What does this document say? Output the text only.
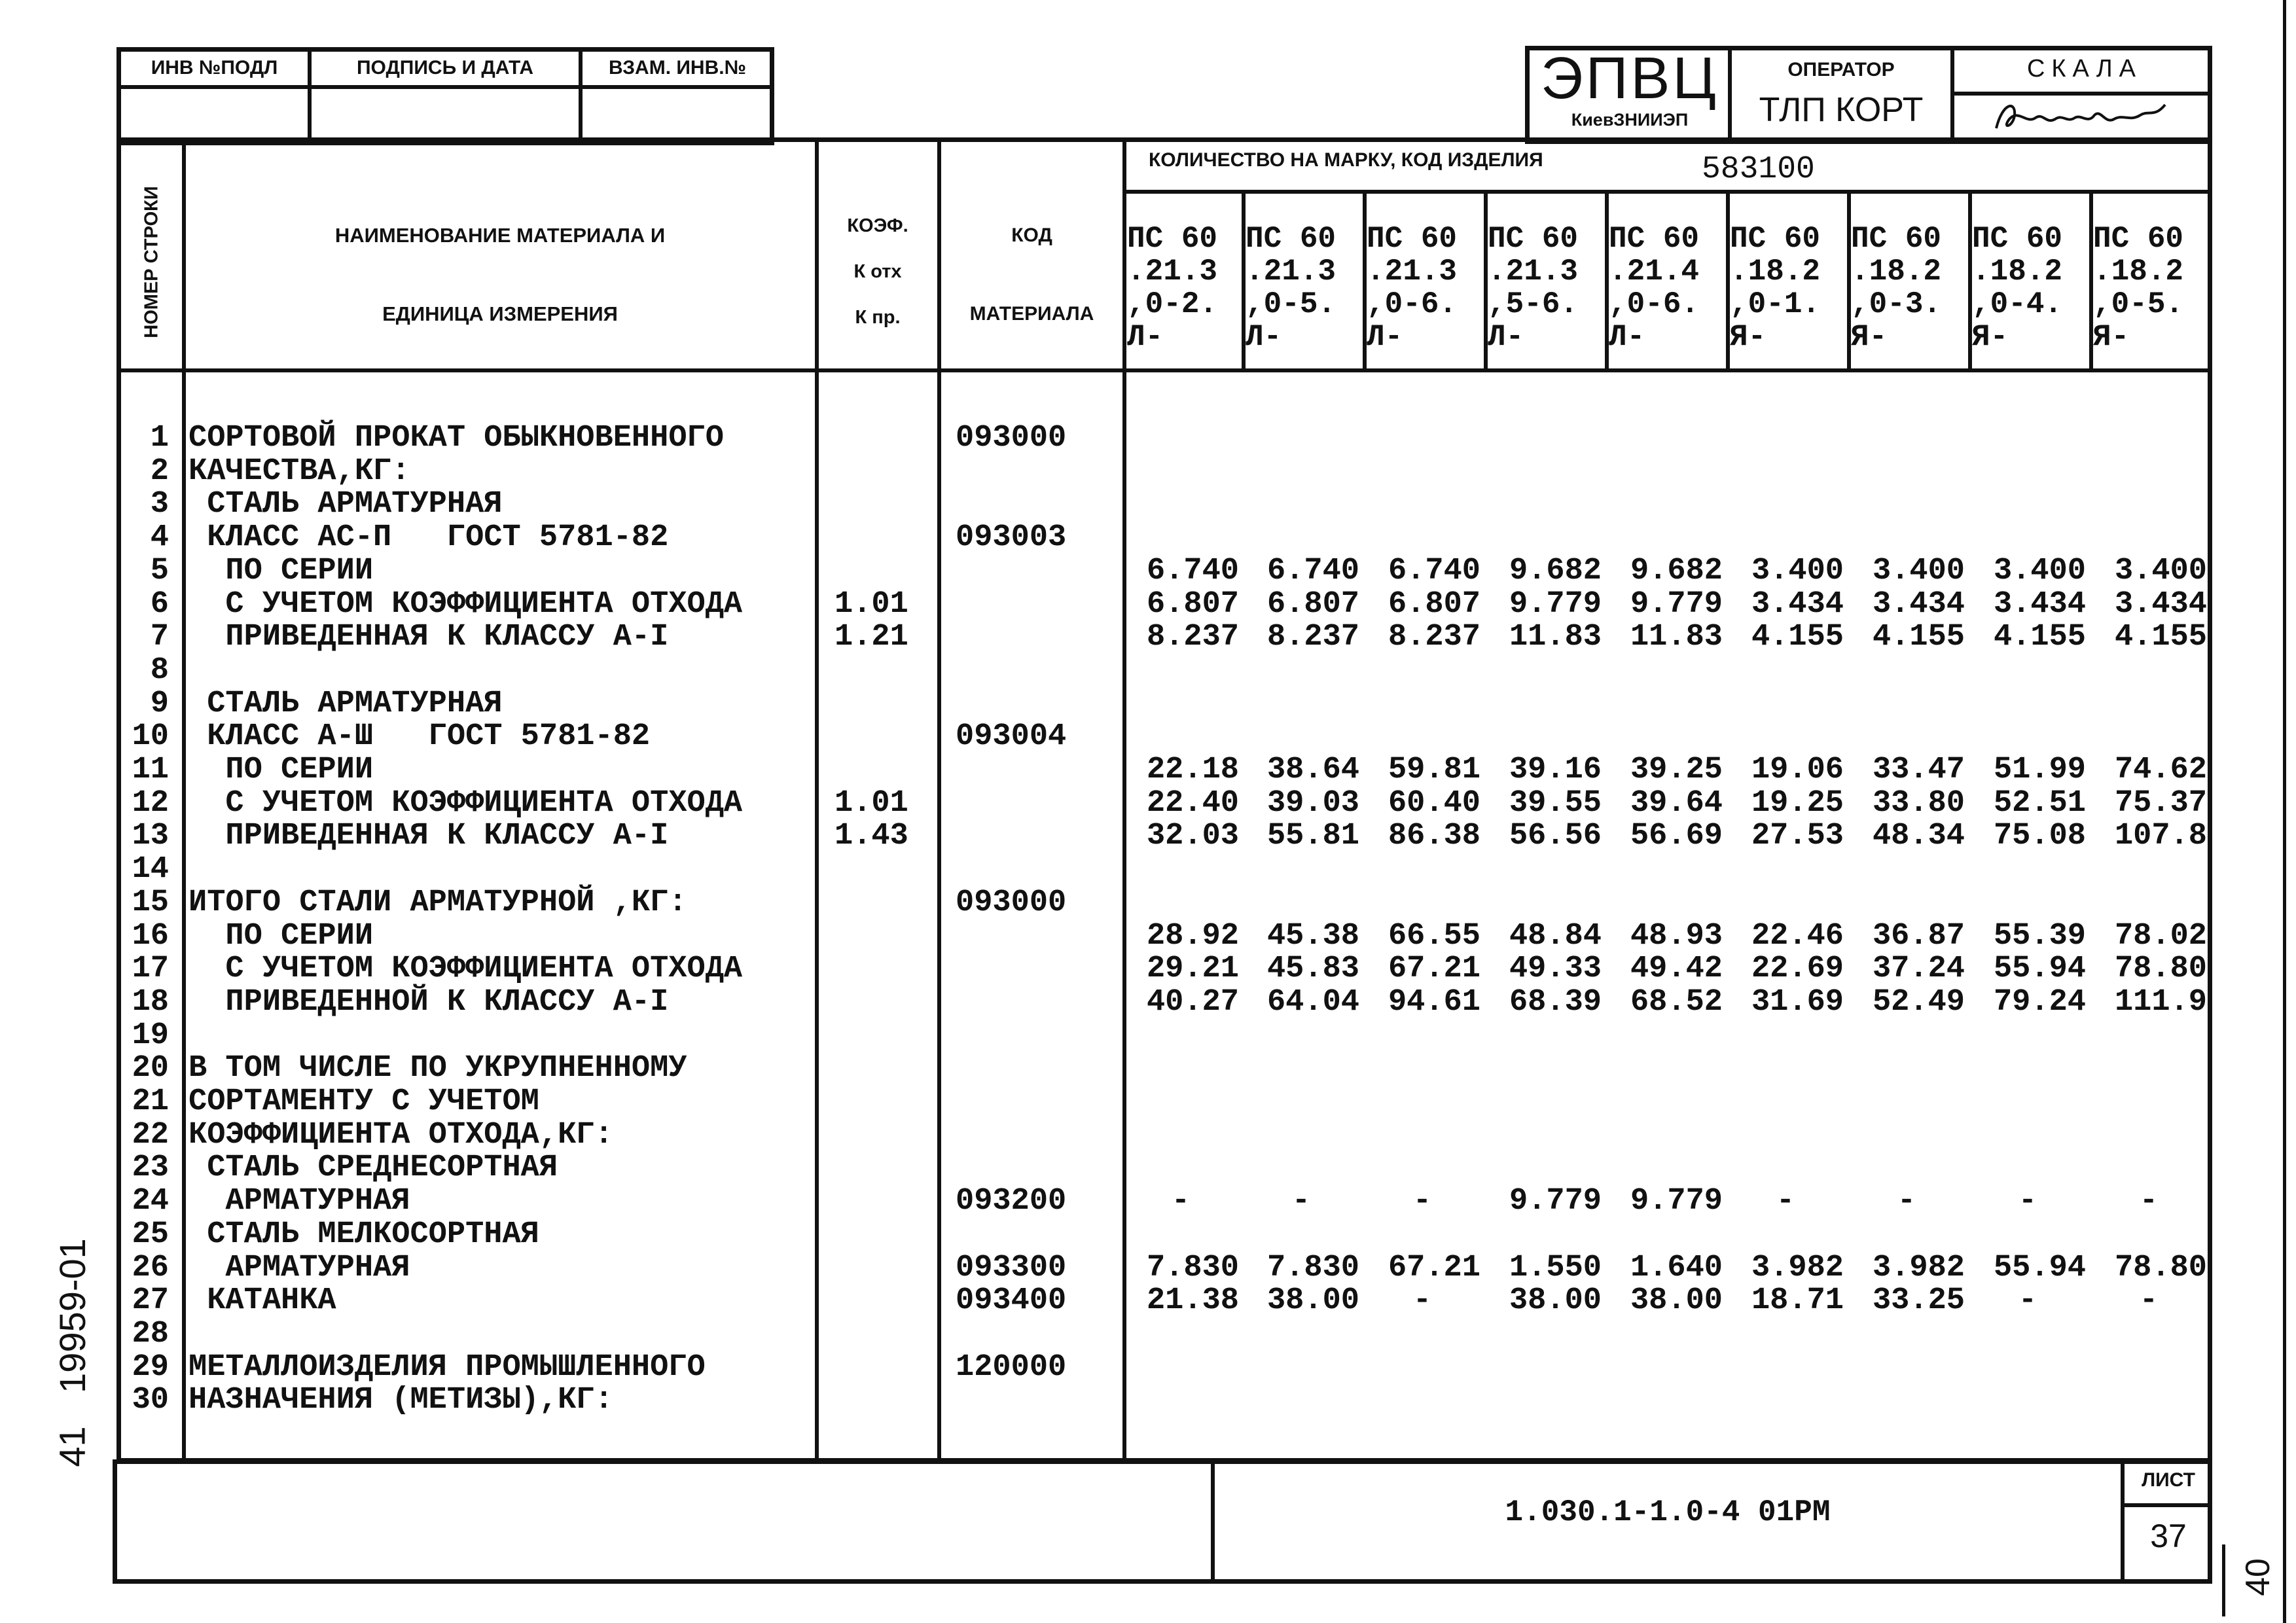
ИНВ №ПОДЛ	ПОДПИСЬ И ДАТА	ВЗАМ. ИНВ.№	ЭПВЦ
КиевЗНИИЭП
ОПЕРАТОР
ТЛП КОРТ
СКАЛА
НОМЕР СТРОКИ	НАИМЕНОВАНИЕ МАТЕРИАЛА И
ЕДИНИЦА ИЗМЕРЕНИЯ
КОЭФ.
К отх
К пр.
КОД
МАТЕРИАЛА
КОЛИЧЕСТВО НА МАРКУ, КОД ИЗДЕЛИЯ	583100
ПС 60
.21.3
,0-2.
Л-
ПС 60
.21.3
,0-5.
Л-
ПС 60
.21.3
,0-6.
Л-
ПС 60
.21.3
,5-6.
Л-
ПС 60
.21.4
,0-6.
Л-
ПС 60
.18.2
,0-1.
Я-
ПС 60
.18.2
,0-3.
Я-
ПС 60
.18.2
,0-4.
Я-
ПС 60
.18.2
,0-5.
Я-
1 СОРТОВОЙ ПРОКАТ ОБЫКНОВЕННОГО	093000
2 КАЧЕСТВА,КГ:
3 СТАЛЬ АРМАТУРНАЯ
4 КЛАСС АС-П   ГОСТ 5781-82	093003
5 ПО СЕРИИ	6.740 6.740 6.740 9.682 9.682 3.400 3.400 3.400 3.400
6 С УЧЕТОМ КОЭФФИЦИЕНТА ОТХОДА	1.01	6.807 6.807 6.807 9.779 9.779 3.434 3.434 3.434 3.434
7 ПРИВЕДЕННАЯ К КЛАССУ А-I	1.21	8.237 8.237 8.237 11.83 11.83 4.155 4.155 4.155 4.155
8
9 СТАЛЬ АРМАТУРНАЯ
10 КЛАСС А-Ш   ГОСТ 5781-82	093004
11 ПО СЕРИИ	22.18 38.64 59.81 39.16 39.25 19.06 33.47 51.99 74.62
12 С УЧЕТОМ КОЭФФИЦИЕНТА ОТХОДА	1.01	22.40 39.03 60.40 39.55 39.64 19.25 33.80 52.51 75.37
13 ПРИВЕДЕННАЯ К КЛАССУ А-I	1.43	32.03 55.81 86.38 56.56 56.69 27.53 48.34 75.08 107.8
14
15 ИТОГО СТАЛИ АРМАТУРНОЙ ,КГ:	093000
16 ПО СЕРИИ	28.92 45.38 66.55 48.84 48.93 22.46 36.87 55.39 78.02
17 С УЧЕТОМ КОЭФФИЦИЕНТА ОТХОДА	29.21 45.83 67.21 49.33 49.42 22.69 37.24 55.94 78.80
18 ПРИВЕДЕННОЙ К КЛАССУ А-I	40.27 64.04 94.61 68.39 68.52 31.69 52.49 79.24 111.9
19
20 В ТОМ ЧИСЛЕ ПО УКРУПНЕННОМУ
21 СОРТАМЕНТУ С УЧЕТОМ
22 КОЭФФИЦИЕНТА ОТХОДА,КГ:
23 СТАЛЬ СРЕДНЕСОРТНАЯ
24 АРМАТУРНАЯ	093200	-	-	-	9.779 9.779	-	-	-	-
25 СТАЛЬ МЕЛКОСОРТНАЯ
26 АРМАТУРНАЯ	093300	7.830 7.830 67.21 1.550 1.640 3.982 3.982 55.94 78.80
27 КАТАНКА	093400	21.38 38.00	-	38.00 38.00 18.71 33.25	-	-
28
29 МЕТАЛЛОИЗДЕЛИЯ ПРОМЫШЛЕННОГО	120000
30 НАЗНАЧЕНИЯ (МЕТИЗЫ),КГ:
1.030.1-1.0-4 01РМ
ЛИСТ
37
19959-01
41
40
